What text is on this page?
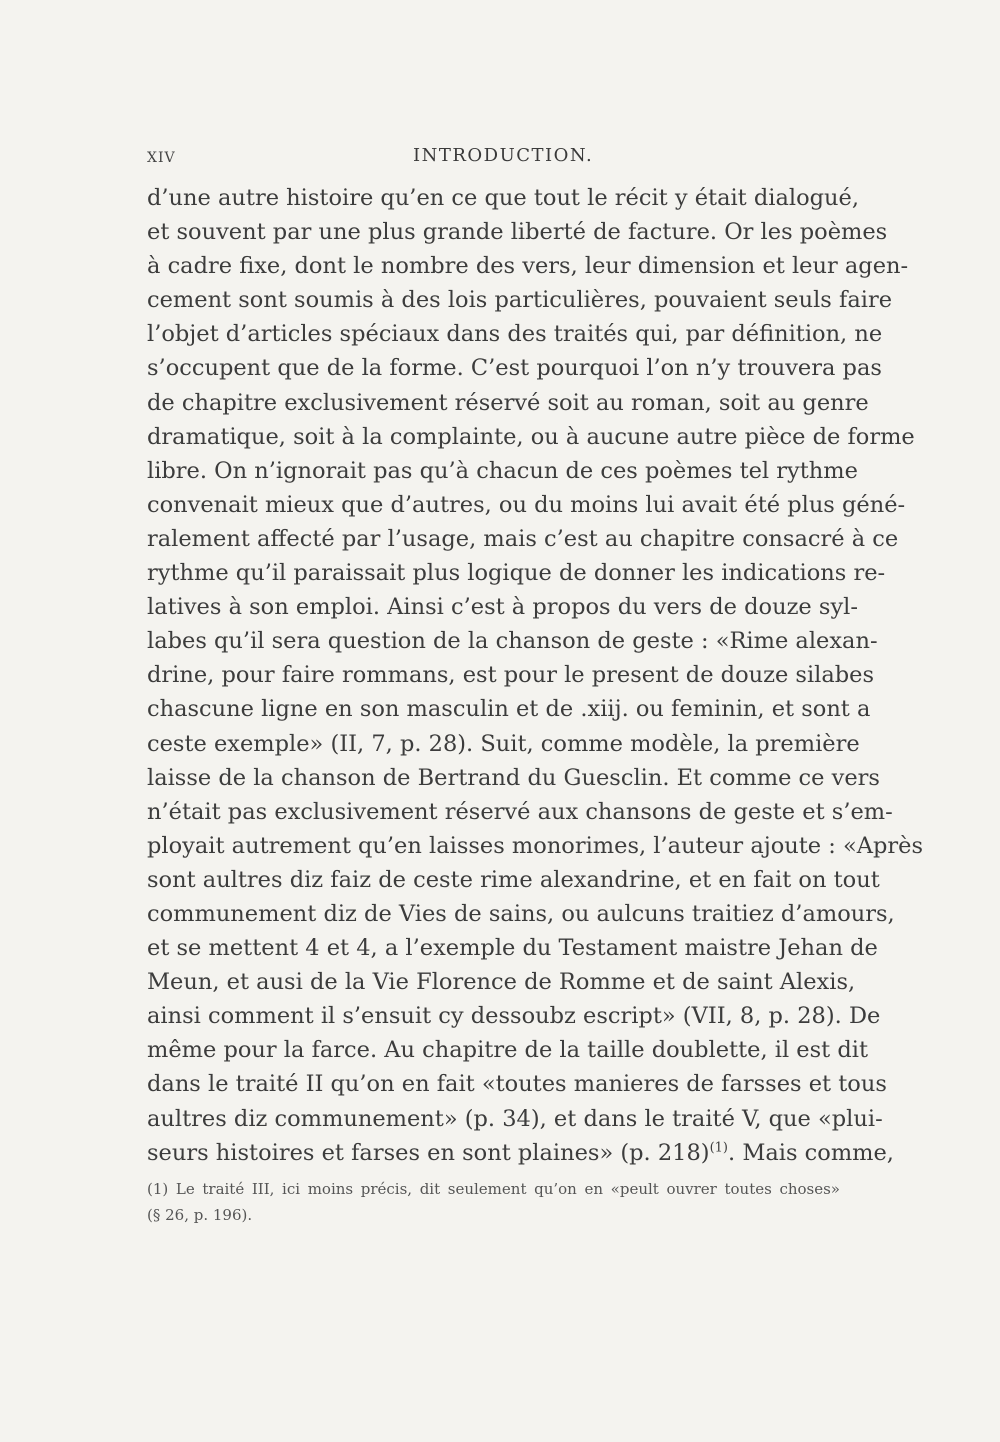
XIV	INTRODUCTION.
d’une autre histoire qu’en ce que tout le récit y était dialogué,
et souvent par une plus grande liberté de facture. Or les poèmes
à cadre fixe, dont le nombre des vers, leur dimension et leur agen-
cement sont soumis à des lois particulières, pouvaient seuls faire
l’objet d’articles spéciaux dans des traités qui, par définition, ne
s’occupent que de la forme. C’est pourquoi l’on n’y trouvera pas
de chapitre exclusivement réservé soit au roman, soit au genre
dramatique, soit à la complainte, ou à aucune autre pièce de forme
libre. On n’ignorait pas qu’à chacun de ces poèmes tel rythme
convenait mieux que d’autres, ou du moins lui avait été plus géné-
ralement affecté par l’usage, mais c’est au chapitre consacré à ce
rythme qu’il paraissait plus logique de donner les indications re-
latives à son emploi. Ainsi c’est à propos du vers de douze syl-
labes qu’il sera question de la chanson de geste : «Rime alexan-
drine, pour faire rommans, est pour le present de douze silabes
chascune ligne en son masculin et de .xiij. ou feminin, et sont a
ceste exemple» (II, 7, p. 28). Suit, comme modèle, la première
laisse de la chanson de Bertrand du Guesclin. Et comme ce vers
n’était pas exclusivement réservé aux chansons de geste et s’em-
ployait autrement qu’en laisses monorimes, l’auteur ajoute : «Après
sont aultres diz faiz de ceste rime alexandrine, et en fait on tout
communement diz de Vies de sains, ou aulcuns traitiez d’amours,
et se mettent 4 et 4, a l’exemple du Testament maistre Jehan de
Meun, et ausi de la Vie Florence de Romme et de saint Alexis,
ainsi comment il s’ensuit cy dessoubz escript» (VII, 8, p. 28). De
même pour la farce. Au chapitre de la taille doublette, il est dit
dans le traité II qu’on en fait «toutes manieres de farsses et tous
aultres diz communement» (p. 34), et dans le traité V, que «plui-
seurs histoires et farses en sont plaines» (p. 218)$^{(1)}$. Mais comme,
(1) Le traité III, ici moins précis, dit seulement qu’on en «peult ouvrer toutes choses»
(§ 26, p. 196).
